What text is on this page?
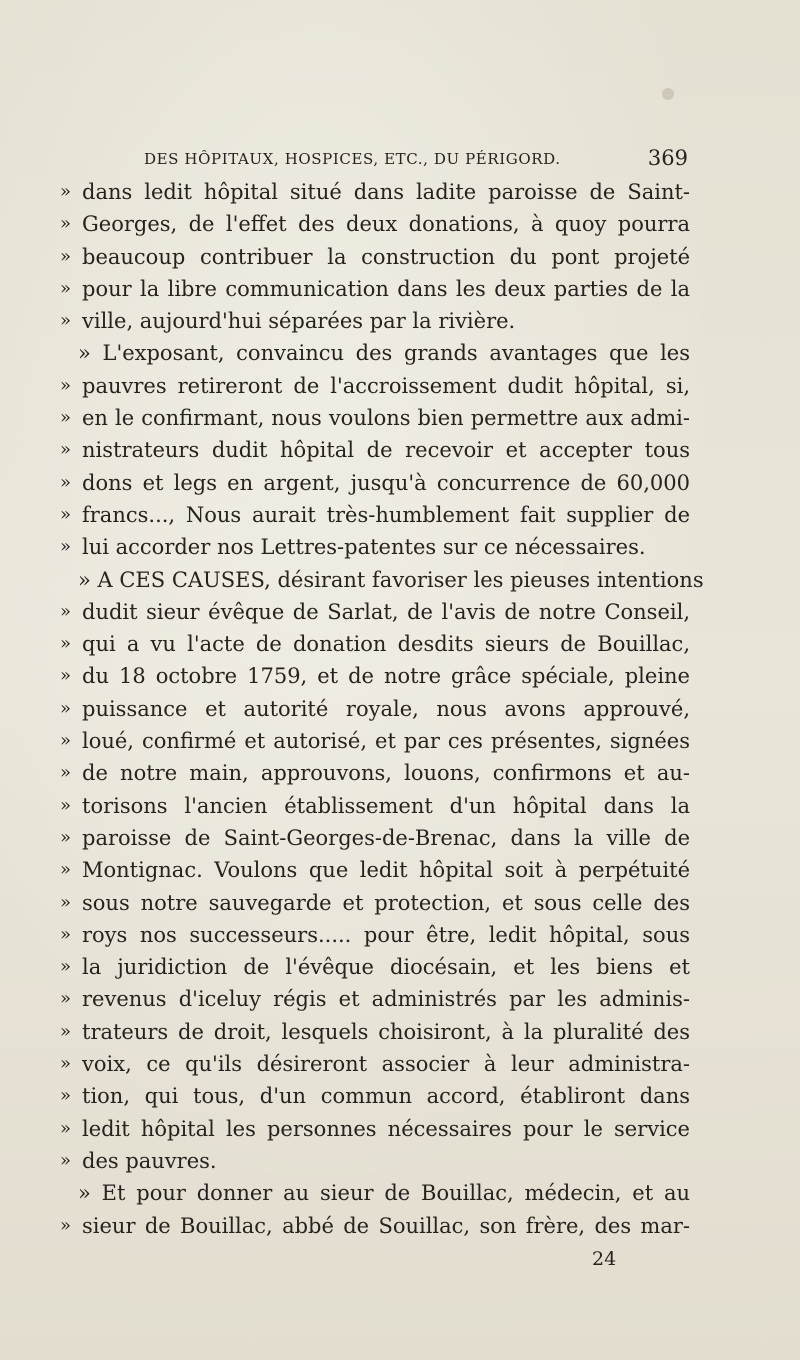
DES HÔPITAUX, HOSPICES, ETC., DU PÉRIGORD.	369
» dans ledit hôpital situé dans ladite paroisse de Saint-
» Georges, de l'effet des deux donations, à quoy pourra
» beaucoup contribuer la construction du pont projeté
» pour la libre communication dans les deux parties de la
» ville, aujourd'hui séparées par la rivière.
» L'exposant, convaincu des grands avantages que les
» pauvres retireront de l'accroissement dudit hôpital, si,
» en le confirmant, nous voulons bien permettre aux admi-
» nistrateurs dudit hôpital de recevoir et accepter tous
» dons et legs en argent, jusqu'à concurrence de 60,000
» francs..., Nous aurait très-humblement fait supplier de
» lui accorder nos Lettres-patentes sur ce nécessaires.
» A CES CAUSES, désirant favoriser les pieuses intentions
» dudit sieur évêque de Sarlat, de l'avis de notre Conseil,
» qui a vu l'acte de donation desdits sieurs de Bouillac,
» du 18 octobre 1759, et de notre grâce spéciale, pleine
» puissance et autorité royale, nous avons approuvé,
» loué, confirmé et autorisé, et par ces présentes, signées
» de notre main, approuvons, louons, confirmons et au-
» torisons l'ancien établissement d'un hôpital dans la
» paroisse de Saint-Georges-de-Brenac, dans la ville de
» Montignac. Voulons que ledit hôpital soit à perpétuité
» sous notre sauvegarde et protection, et sous celle des
» roys nos successeurs..... pour être, ledit hôpital, sous
» la juridiction de l'évêque diocésain, et les biens et
» revenus d'iceluy régis et administrés par les adminis-
» trateurs de droit, lesquels choisiront, à la pluralité des
» voix, ce qu'ils désireront associer à leur administra-
» tion, qui tous, d'un commun accord, établiront dans
» ledit hôpital les personnes nécessaires pour le service
» des pauvres.
» Et pour donner au sieur de Bouillac, médecin, et au
» sieur de Bouillac, abbé de Souillac, son frère, des mar-
24
